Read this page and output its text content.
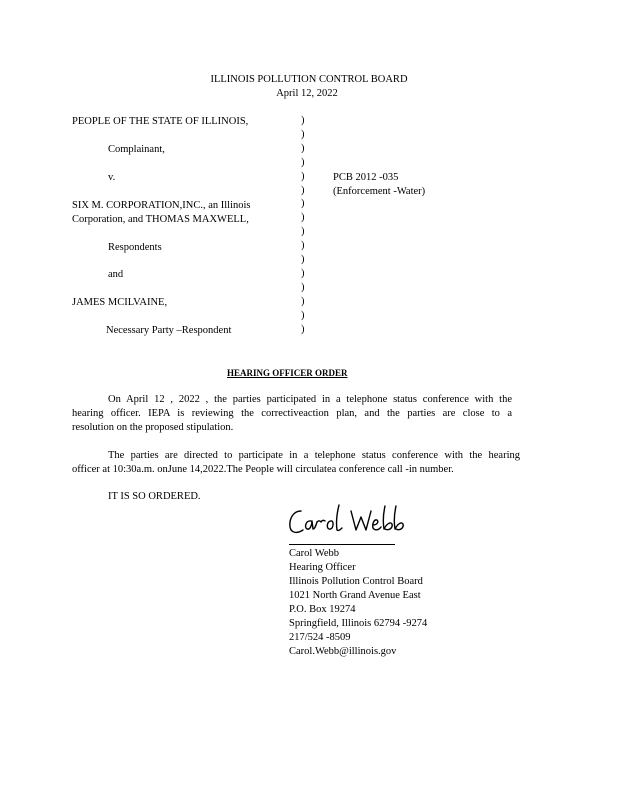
ILLINOIS POLLUTION CONTROL BOARD
April 12, 2022
PEOPLE OF THE STATE OF ILLINOIS,
Complainant,
v.
SIX M. CORPORATION,INC., an Illinois
Corporation, and THOMAS MAXWELL,
Respondents
and
JAMES MCILVAINE,
Necessary Party –Respondent
)
)
)
)
)
)
)
)
)
)
)
)
)
)
)
)
PCB 2012 -035
(Enforcement -Water)
HEARING OFFICER ORDER
On April 12 , 2022 , the parties participated in a telephone status conference with the
hearing officer. IEPA is reviewing the correctiveaction plan, and the parties are close to a
resolution on the proposed stipulation.
The parties are directed to participate in a telephone status conference with the hearing
officer at 10:30a.m. onJune 14,2022.The People will circulatea conference call -in number.
IT IS SO ORDERED.
Carol Webb
Hearing Officer
Illinois Pollution Control Board
1021 North Grand Avenue East
P.O. Box 19274
Springfield, Illinois 62794 -9274
217/524 -8509
Carol.Webb@illinois.gov
